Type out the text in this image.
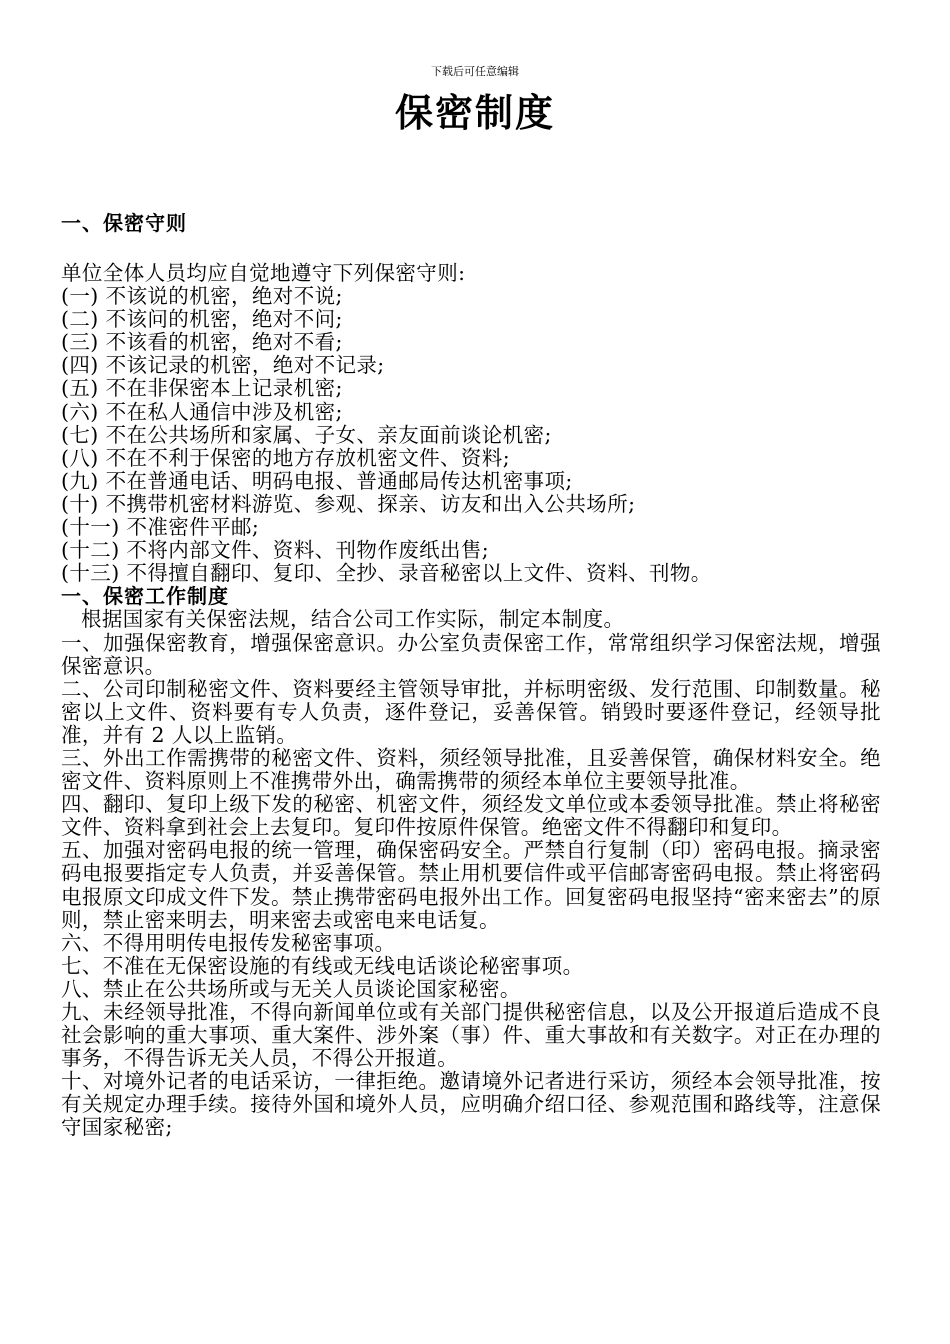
下载后可任意编辑
保密制度
一、保密守则

单位全体人员均应自觉地遵守下列保密守则:

(一) 不该说的机密，绝对不说;

(二) 不该问的机密，绝对不问;

(三) 不该看的机密，绝对不看;

(四) 不该记录的机密，绝对不记录;

(五) 不在非保密本上记录机密;

(六) 不在私人通信中涉及机密;

(七) 不在公共场所和家属、子女、亲友面前谈论机密;

(八) 不在不利于保密的地方存放机密文件、资料;

(九) 不在普通电话、明码电报、普通邮局传达机密事项;

(十) 不携带机密材料游览、参观、探亲、访友和出入公共场所;

(十一) 不准密件平邮;

(十二) 不将内部文件、资料、刊物作废纸出售;

(十三) 不得擅自翻印、复印、全抄、录音秘密以上文件、资料、刊物。

一、保密工作制度

根据国家有关保密法规，结合公司工作实际，制定本制度。

一、加强保密教育，增强保密意识。办公室负责保密工作，常常组织学习保密法规，增强保密意识。

二、公司印制秘密文件、资料要经主管领导审批，并标明密级、发行范围、印制数量。秘密以上文件、资料要有专人负责，逐件登记，妥善保管。销毁时要逐件登记，经领导批准，并有 2 人以上监销。

三、外出工作需携带的秘密文件、资料，须经领导批准，且妥善保管，确保材料安全。绝密文件、资料原则上不准携带外出，确需携带的须经本单位主要领导批准。

四、翻印、复印上级下发的秘密、机密文件，须经发文单位或本委领导批准。禁止将秘密文件、资料拿到社会上去复印。复印件按原件保管。绝密文件不得翻印和复印。

五、加强对密码电报的统一管理，确保密码安全。严禁自行复制（印）密码电报。摘录密码电报要指定专人负责，并妥善保管。禁止用机要信件或平信邮寄密码电报。禁止将密码电报原文印成文件下发。禁止携带密码电报外出工作。回复密码电报坚持“密来密去”的原则，禁止密来明去，明来密去或密电来电话复。

六、不得用明传电报传发秘密事项。

七、不准在无保密设施的有线或无线电话谈论秘密事项。

八、禁止在公共场所或与无关人员谈论国家秘密。

九、未经领导批准，不得向新闻单位或有关部门提供秘密信息，以及公开报道后造成不良社会影响的重大事项、重大案件、涉外案（事）件、重大事故和有关数字。对正在办理的事务，不得告诉无关人员，不得公开报道。

十、对境外记者的电话采访，一律拒绝。邀请境外记者进行采访，须经本会领导批准，按有关规定办理手续。接待外国和境外人员，应明确介绍口径、参观范围和路线等，注意保守国家秘密;
